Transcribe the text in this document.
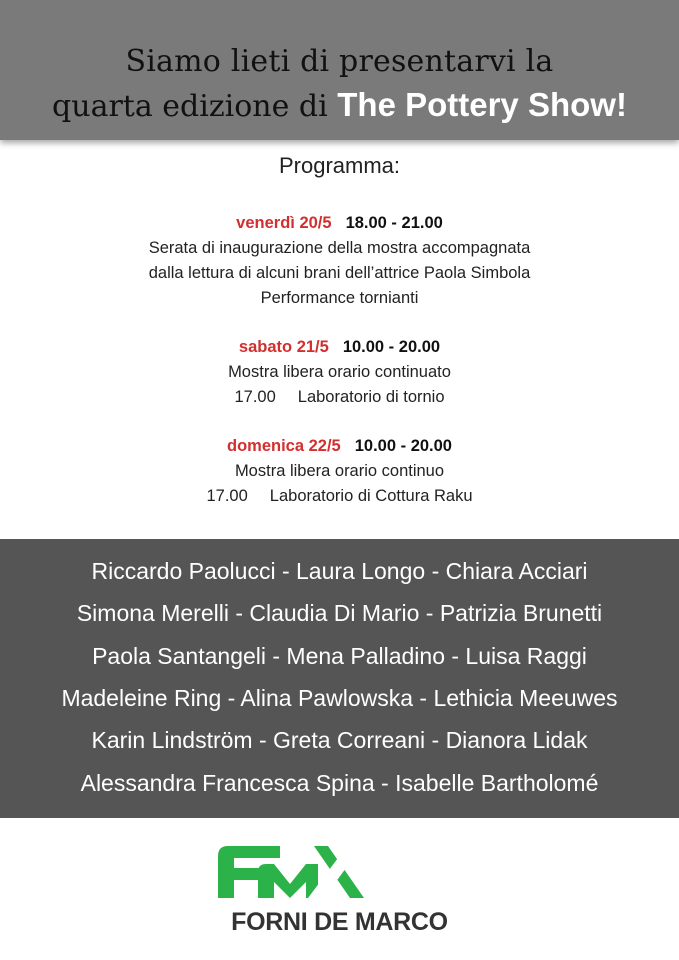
Siamo lieti di presentarvi la
quarta edizione di The Pottery Show!
Programma:
venerdì 20/5 18.00 - 21.00
Serata di inaugurazione della mostra accompagnata
dalla lettura di alcuni brani dell’attrice Paola Simbola
Performance tornianti
sabato 21/5 10.00 - 20.00
Mostra libera orario continuato
17.00 Laboratorio di tornio
domenica 22/5 10.00 - 20.00
Mostra libera orario continuo
17.00 Laboratorio di Cottura Raku
Riccardo Paolucci - Laura Longo - Chiara Acciari
Simona Merelli - Claudia Di Mario - Patrizia Brunetti
Paola Santangeli - Mena Palladino - Luisa Raggi
Madeleine Ring - Alina Pawlowska - Lethicia Meeuwes
Karin Lindström - Greta Correani - Dianora Lidak
Alessandra Francesca Spina - Isabelle Bartholomé
FORNI DE MARCO
